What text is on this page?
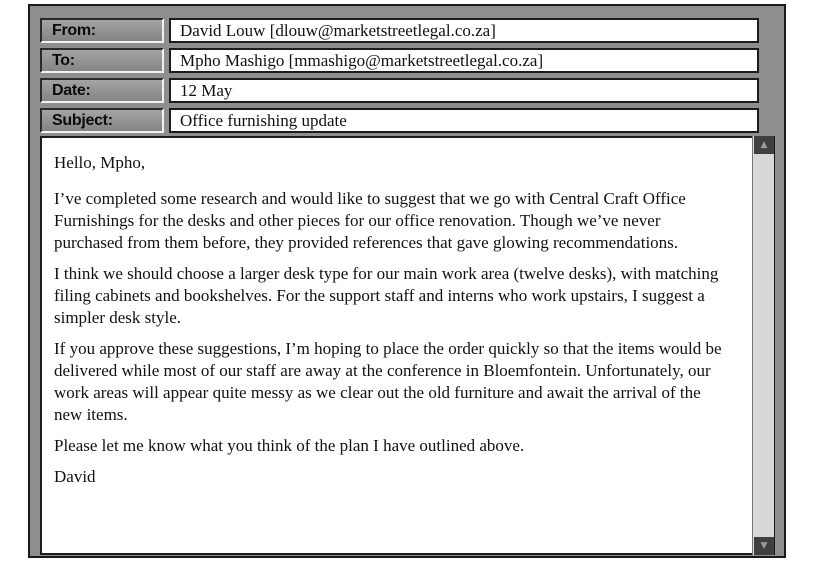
From:	David Louw [dlouw@marketstreetlegal.co.za]
To:	Mpho Mashigo [mmashigo@marketstreetlegal.co.za]
Date:	12 May
Subject:	Office furnishing update

Hello, Mpho,

I’ve completed some research and would like to suggest that we go with Central Craft Office Furnishings for the desks and other pieces for our office renovation. Though we’ve never purchased from them before, they provided references that gave glowing recommendations.

I think we should choose a larger desk type for our main work area (twelve desks), with matching filing cabinets and bookshelves. For the support staff and interns who work upstairs, I suggest a simpler desk style.

If you approve these suggestions, I’m hoping to place the order quickly so that the items would be delivered while most of our staff are away at the conference in Bloemfontein. Unfortunately, our work areas will appear quite messy as we clear out the old furniture and await the arrival of the new items.

Please let me know what you think of the plan I have outlined above.

David

▲
▼
